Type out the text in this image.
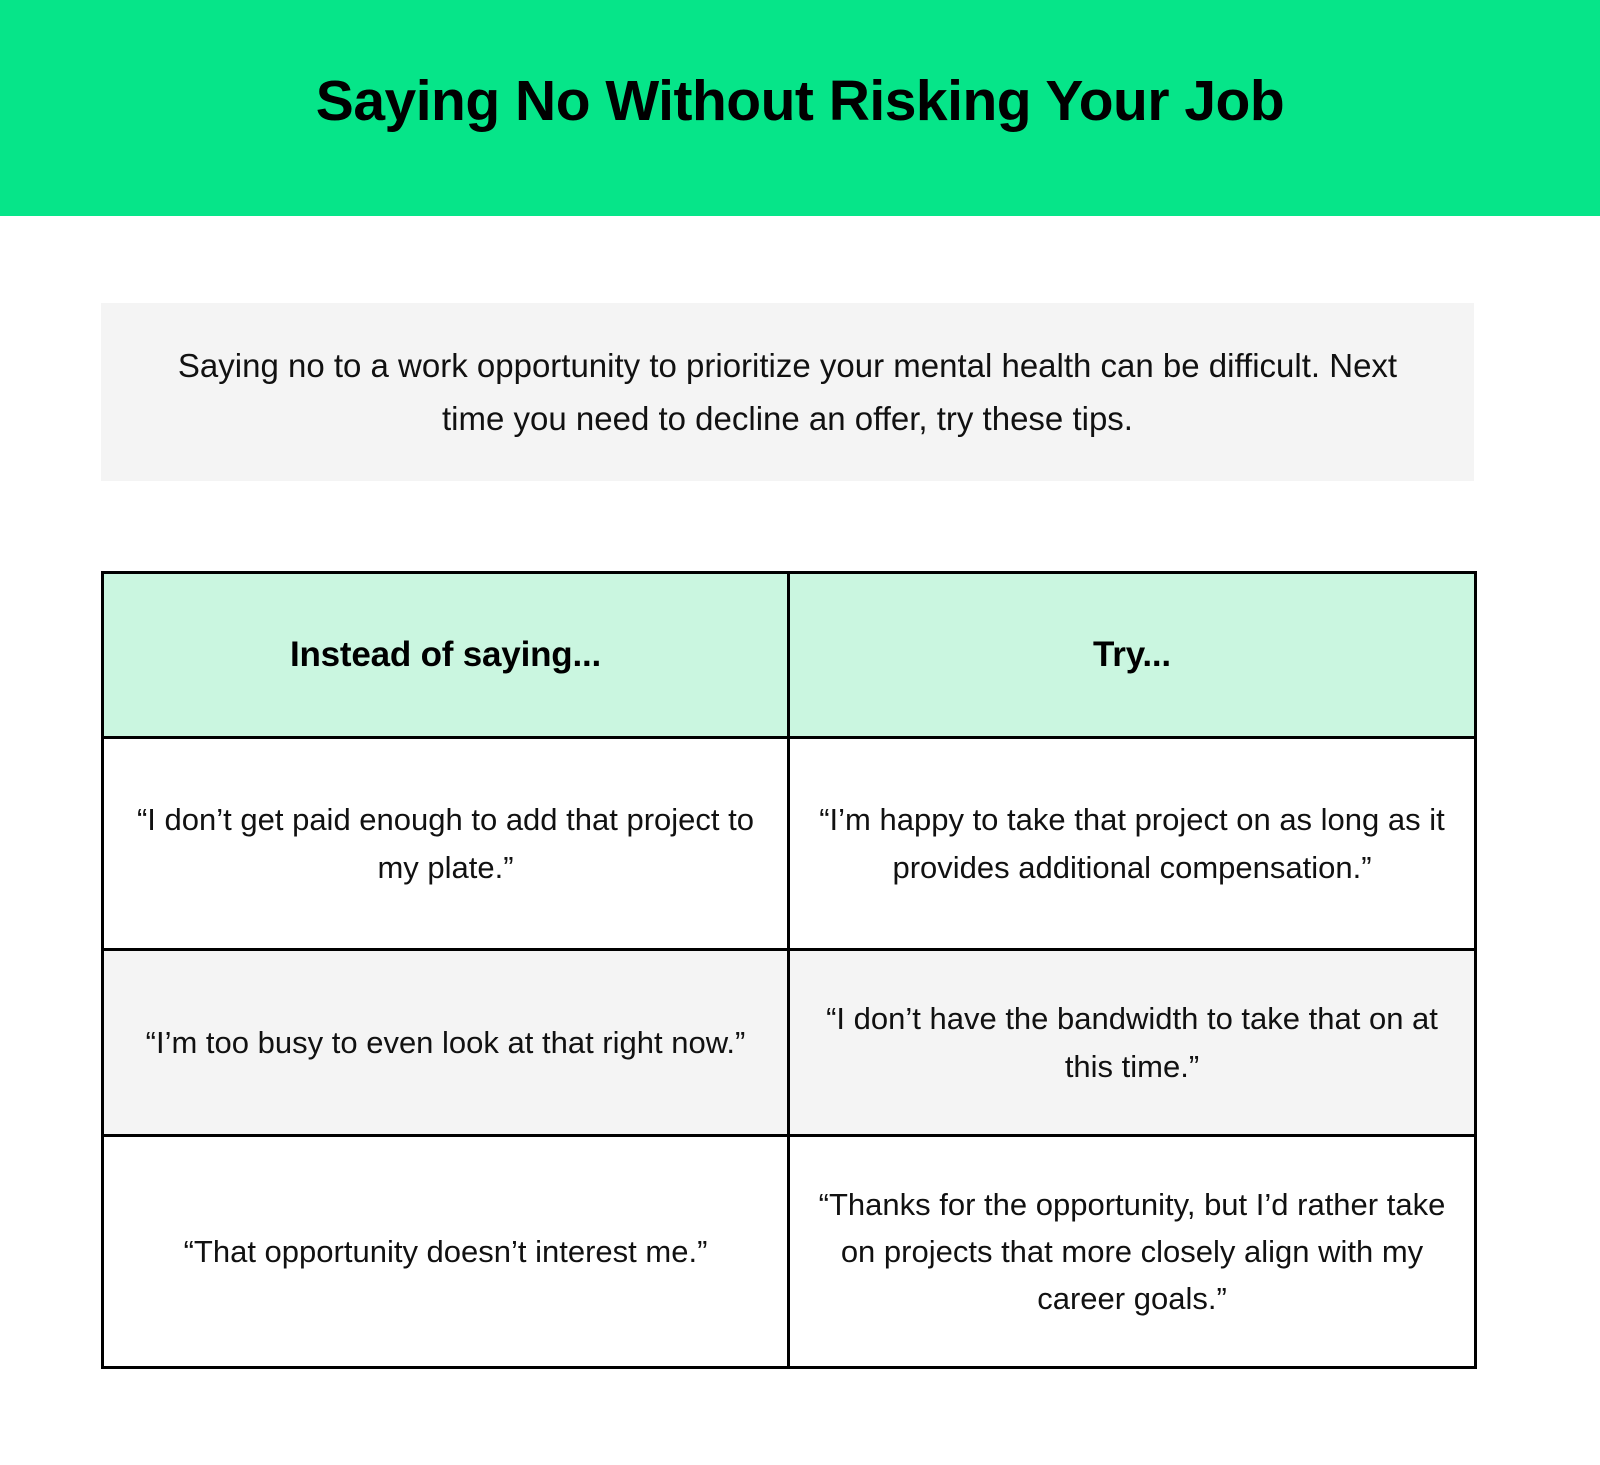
Saying No Without Risking Your Job

Saying no to a work opportunity to prioritize your mental health can be difficult. Next time you need to decline an offer, try these tips.

Instead of saying...	Try...
“I don’t get paid enough to add that project to my plate.”	“I’m happy to take that project on as long as it provides additional compensation.”
“I’m too busy to even look at that right now.”	“I don’t have the bandwidth to take that on at this time.”
“That opportunity doesn’t interest me.”	“Thanks for the opportunity, but I’d rather take on projects that more closely align with my career goals.”
